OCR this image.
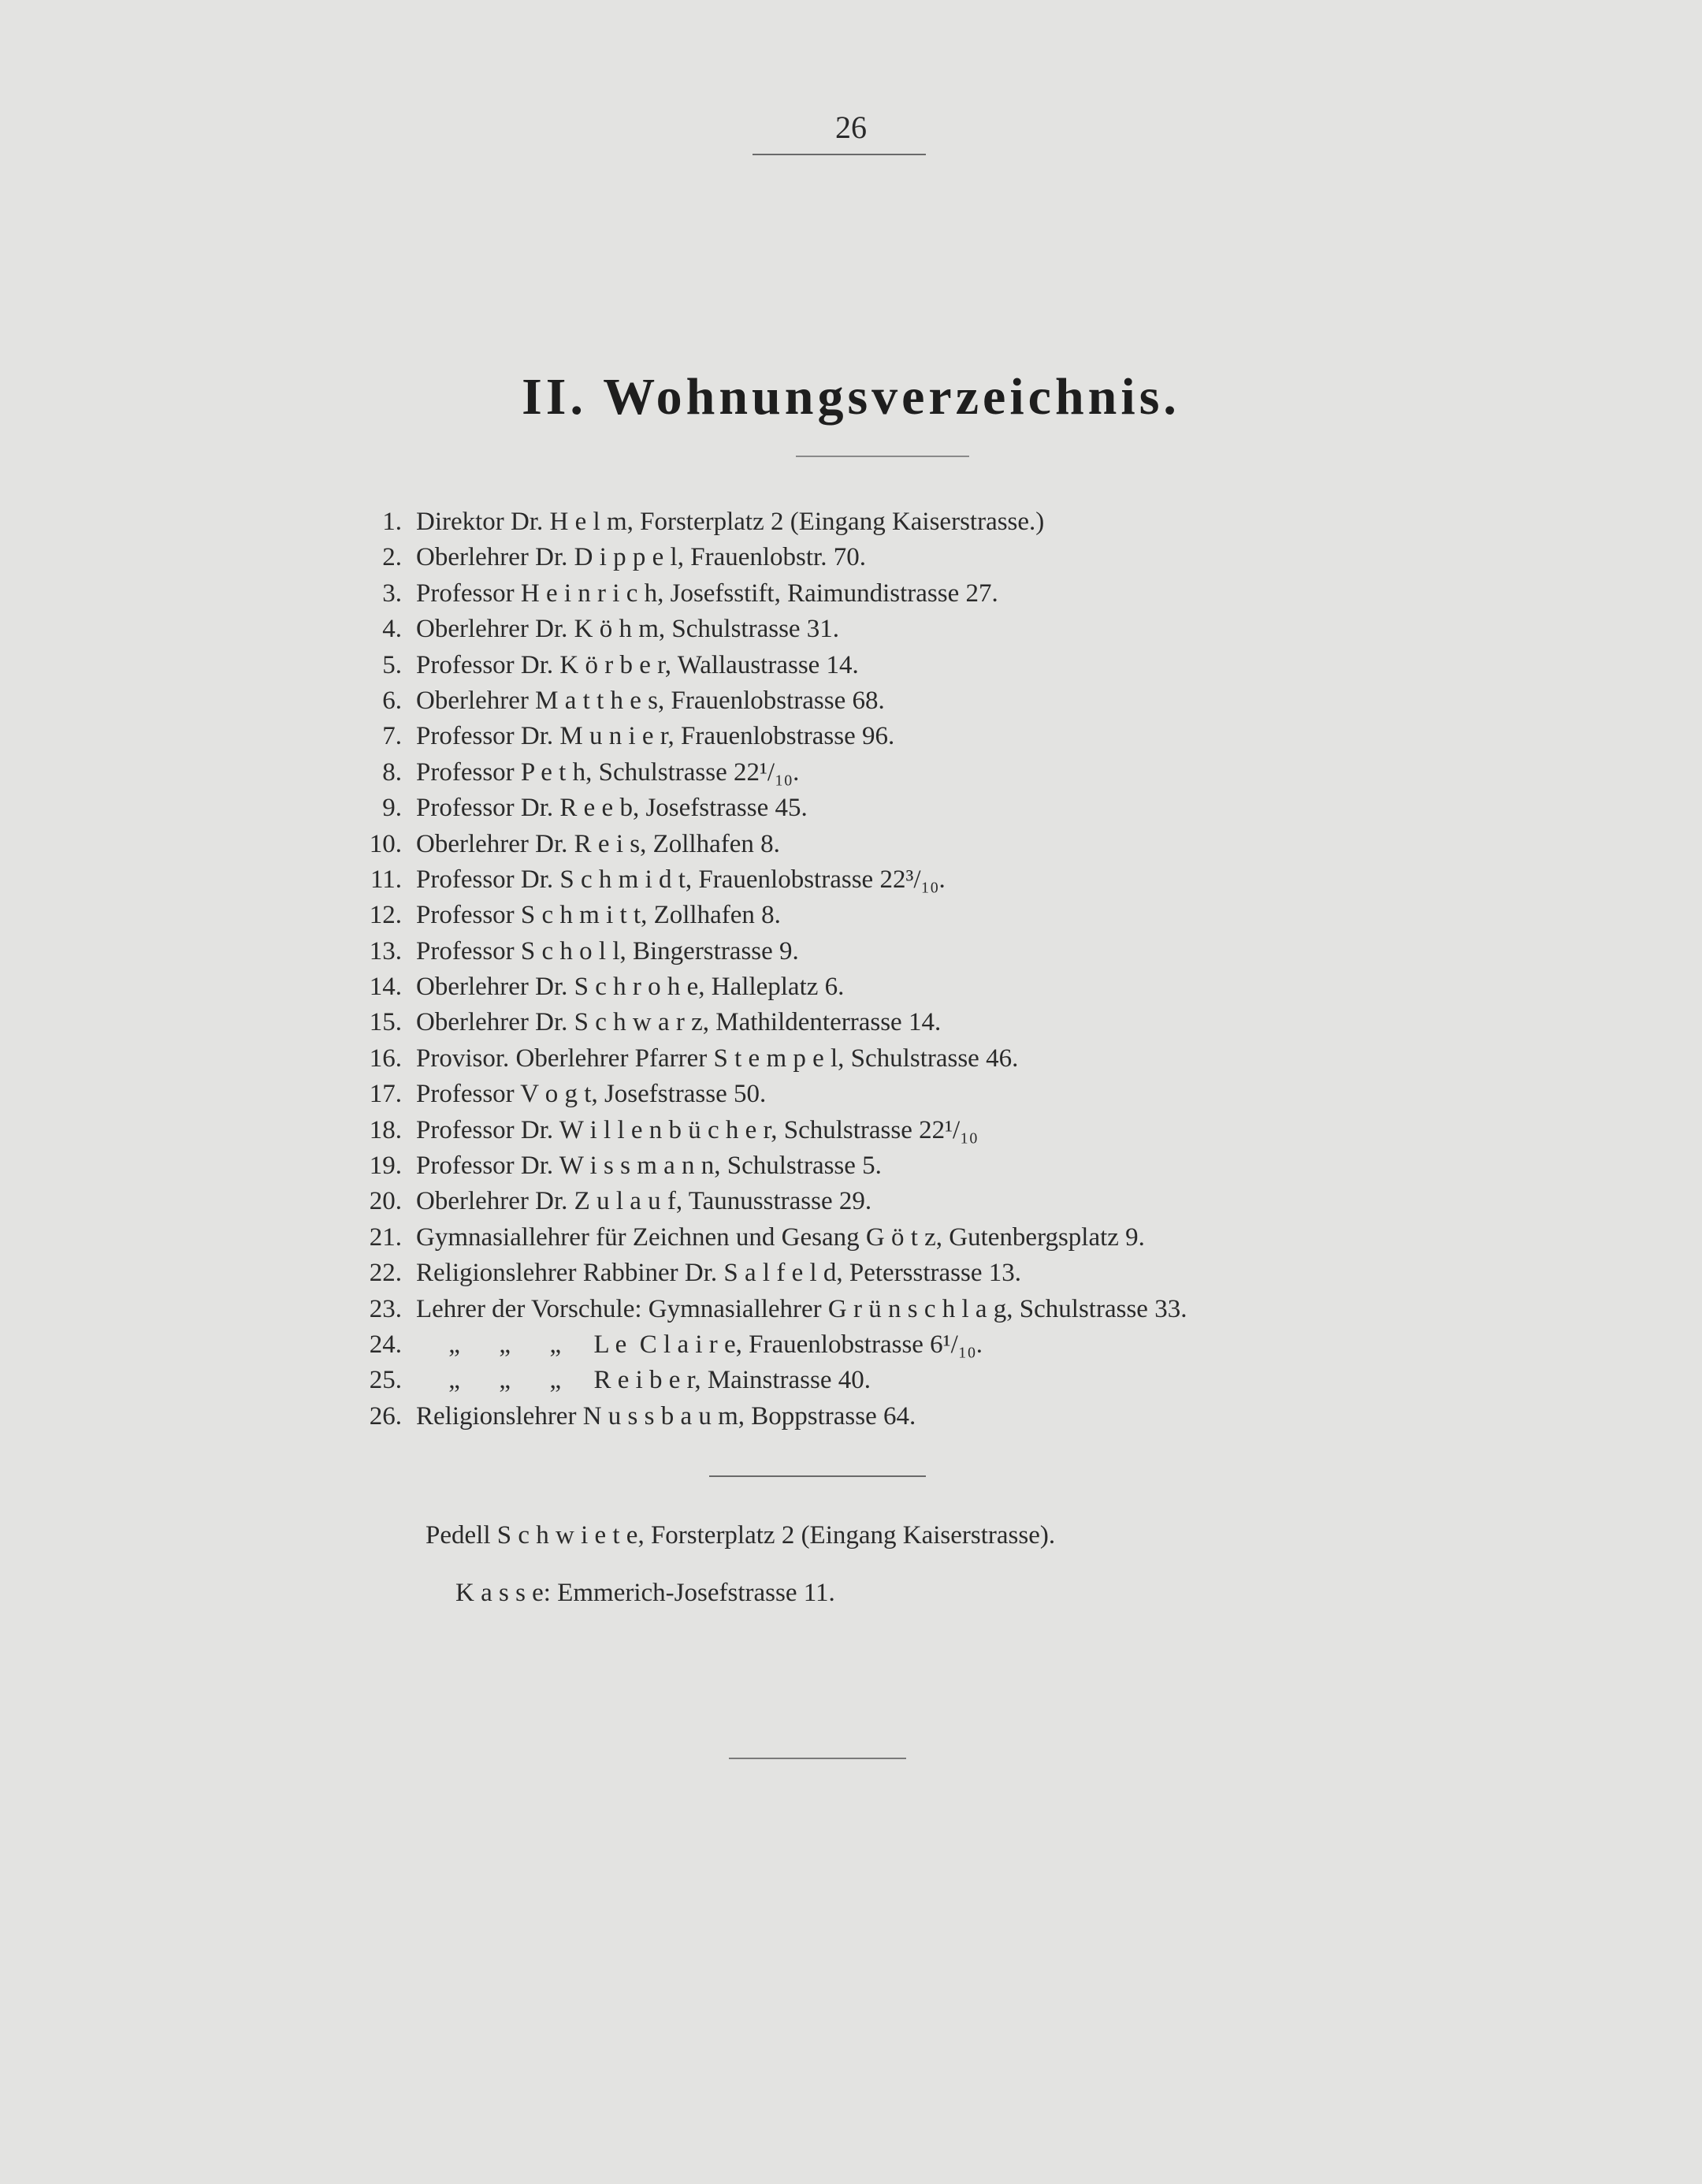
26
II. Wohnungsverzeichnis.
1. Direktor Dr. H e l m, Forsterplatz 2 (Eingang Kaiserstrasse.)
2. Oberlehrer Dr. D i p p e l, Frauenlobstr. 70.
3. Professor H e i n r i c h, Josefsstift, Raimundistrasse 27.
4. Oberlehrer Dr. K ö h m, Schulstrasse 31.
5. Professor Dr. K ö r b e r, Wallaustrasse 14.
6. Oberlehrer M a t t h e s, Frauenlobstrasse 68.
7. Professor Dr. M u n i e r, Frauenlobstrasse 96.
8. Professor P e t h, Schulstrasse 22¹/₁₀.
9. Professor Dr. R e e b, Josefstrasse 45.
10. Oberlehrer Dr. R e i s, Zollhafen 8.
11. Professor Dr. S c h m i d t, Frauenlobstrasse 22³/₁₀.
12. Professor S c h m i t t, Zollhafen 8.
13. Professor S c h o l l, Bingerstrasse 9.
14. Oberlehrer Dr. S c h r o h e, Halleplatz 6.
15. Oberlehrer Dr. S c h w a r z, Mathildenterrasse 14.
16. Provisor. Oberlehrer Pfarrer S t e m p e l, Schulstrasse 46.
17. Professor V o g t, Josefstrasse 50.
18. Professor Dr. W i l l e n b ü c h e r, Schulstrasse 22¹/₁₀
19. Professor Dr. W i s s m a n n, Schulstrasse 5.
20. Oberlehrer Dr. Z u l a u f, Taunusstrasse 29.
21. Gymnasiallehrer für Zeichnen und Gesang G ö t z, Gutenbergsplatz 9.
22. Religionslehrer Rabbiner Dr. S a l f e l d, Petersstrasse 13.
23. Lehrer der Vorschule: Gymnasiallehrer G r ü n s c h l a g, Schulstrasse 33.
24. „      „      „     L e  C l a i r e, Frauenlobstrasse 6¹/₁₀.
25. „      „      „     R e i b e r, Mainstrasse 40.
26. Religionslehrer N u s s b a u m, Boppstrasse 64.
Pedell S c h w i e t e, Forsterplatz 2 (Eingang Kaiserstrasse).
K a s s e: Emmerich-Josefstrasse 11.
